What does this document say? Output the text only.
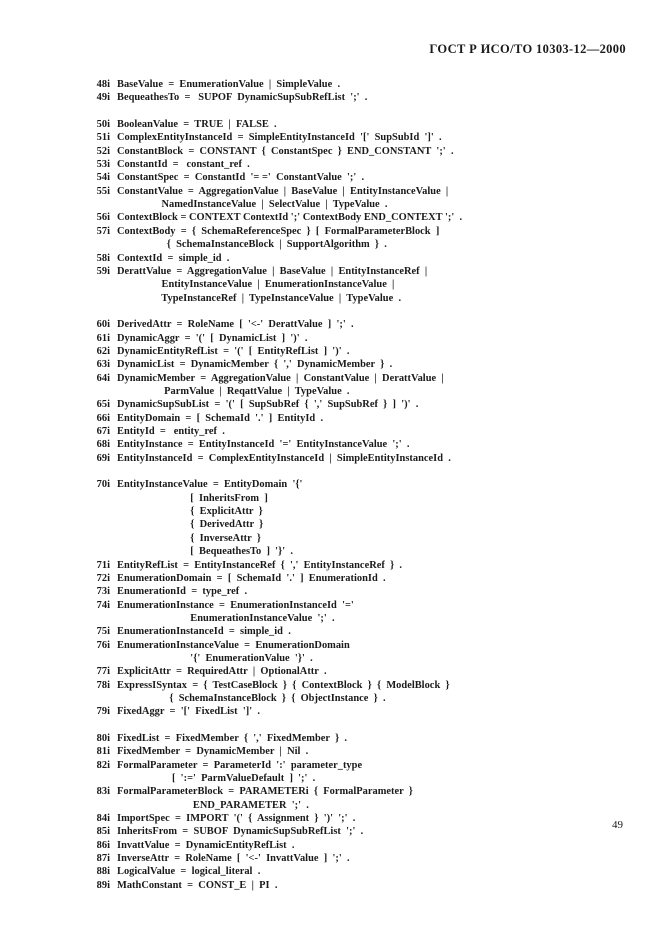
ГОСТ Р ИСО/ТО 10303-12—2000
48i BaseValue  =  EnumerationValue  |  SimpleValue  .
49i BequeathesTo  =   SUPOF  DynamicSupSubRefList  ';'  .
50i BooleanValue  =  TRUE  |  FALSE  .
51i ComplexEntityInstanceId  =  SimpleEntityInstanceId  '['  SupSubId  ']'  .
52i ConstantBlock  =  CONSTANT  {  ConstantSpec  }  END_CONSTANT  ';'  .
53i ConstantId  =   constant_ref  .
54i ConstantSpec  =  ConstantId  '= ='  ConstantValue  ';'  .
55i ConstantValue  =  AggregationValue  |  BaseValue  |  EntityInstanceValue  |
NamedInstanceValue  |  SelectValue  |  TypeValue  .
56i ContextBlock = CONTEXT ContextId ';' ContextBody END_CONTEXT ';'  .
57i ContextBody  =  {  SchemaReferenceSpec  }  [  FormalParameterBlock  ]
{  SchemaInstanceBlock  |  SupportAlgorithm  }  .
58i ContextId  =  simple_id  .
59i DerattValue  =  AggregationValue  |  BaseValue  |  EntityInstanceRef  |
EntityInstanceValue  |  EnumerationInstanceValue  |
TypeInstanceRef  |  TypeInstanceValue  |  TypeValue  .
60i DerivedAttr  =  RoleName  [  '<-'  DerattValue  ]  ';'  .
61i DynamicAggr  =  '('  [  DynamicList  ]  ')'  .
62i DynamicEntityRefList  =  '('  [  EntityRefList  ]  ')'  .
63i DynamicList  =  DynamicMember  {  ','  DynamicMember  }  .
64i DynamicMember  =  AggregationValue  |  ConstantValue  |  DerattValue  |
ParmValue  |  ReqattValue  |  TypeValue  .
65i DynamicSupSubList  =  '('  [  SupSubRef  {  ','  SupSubRef  }  ]  ')'  .
66i EntityDomain  =  [  SchemaId  '.'  ]  EntityId  .
67i EntityId  =   entity_ref  .
68i EntityInstance  =  EntityInstanceId  '='  EntityInstanceValue  ';'  .
69i EntityInstanceId  =  ComplexEntityInstanceId  |  SimpleEntityInstanceId  .
70i EntityInstanceValue  =  EntityDomain  '{'
[  InheritsFrom  ]
{  ExplicitAttr  }
{  DerivedAttr  }
{  InverseAttr  }
[  BequeathesTo  ]  '}'  .
71i EntityRefList  =  EntityInstanceRef  {  ','  EntityInstanceRef  }  .
72i EnumerationDomain  =  [  SchemaId  '.'  ]  EnumerationId  .
73i EnumerationId  =  type_ref  .
74i EnumerationInstance  =  EnumerationInstanceId  '='
EnumerationInstanceValue  ';'  .
75i EnumerationInstanceId  =  simple_id  .
76i EnumerationInstanceValue  =  EnumerationDomain
'{'  EnumerationValue  '}'  .
77i ExplicitAttr  =  RequiredAttr  |  OptionalAttr  .
78i ExpressISyntax  =  {  TestCaseBlock  }  {  ContextBlock  }  {  ModelBlock  }
{  SchemaInstanceBlock  }  {  ObjectInstance  }  .
79i FixedAggr  =  '['  FixedList  ']'  .
80i FixedList  =  FixedMember  {  ','  FixedMember  }  .
81i FixedMember  =  DynamicMember  |  Nil  .
82i FormalParameter  =  ParameterId  ':'  parameter_type
[  ':='  ParmValueDefault  ]  ';'  .
83i FormalParameterBlock  =  PARAMETERi  {  FormalParameter  }
END_PARAMETER  ';'  .
84i ImportSpec  =  IMPORT  '('  {  Assignment  }  ')'  ';'  .
85i InheritsFrom  =  SUBOF  DynamicSupSubRefList  ';'  .
86i InvattValue  =  DynamicEntityRefList  .
87i InverseAttr  =  RoleName  [  '<-'  InvattValue  ]  ';'  .
88i LogicalValue  =  logical_literal  .
89i MathConstant  =  CONST_E  |  PI  .
49
